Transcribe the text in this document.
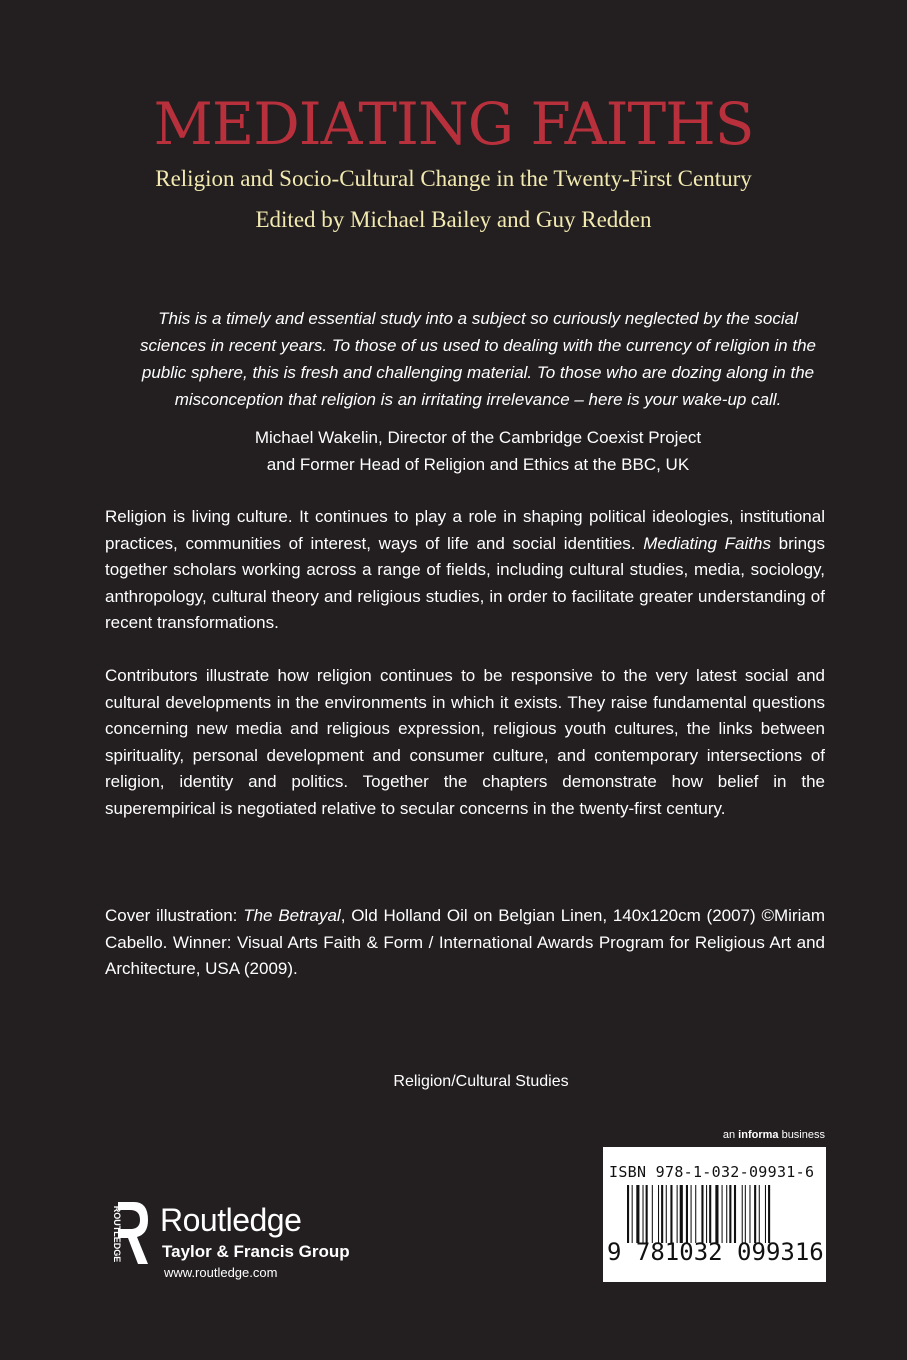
MEDIATING FAITHS
Religion and Socio-Cultural Change in the Twenty-First Century
Edited by Michael Bailey and Guy Redden
This is a timely and essential study into a subject so curiously neglected by the social sciences in recent years. To those of us used to dealing with the currency of religion in the public sphere, this is fresh and challenging material. To those who are dozing along in the misconception that religion is an irritating irrelevance – here is your wake-up call.
Michael Wakelin, Director of the Cambridge Coexist Project
and Former Head of Religion and Ethics at the BBC, UK
Religion is living culture. It continues to play a role in shaping political ideologies, institutional practices, communities of interest, ways of life and social identities. Mediating Faiths brings together scholars working across a range of fields, including cultural studies, media, sociology, anthropology, cultural theory and religious studies, in order to facilitate greater understanding of recent transformations.
Contributors illustrate how religion continues to be responsive to the very latest social and cultural developments in the environments in which it exists. They raise fundamental questions concerning new media and religious expression, religious youth cultures, the links between spirituality, personal development and consumer culture, and contemporary intersections of religion, identity and politics. Together the chapters demonstrate how belief in the superempirical is negotiated relative to secular concerns in the twenty-first century.
Cover illustration: The Betrayal, Old Holland Oil on Belgian Linen, 140x120cm (2007) ©Miriam Cabello. Winner: Visual Arts Faith & Form / International Awards Program for Religious Art and Architecture, USA (2009).
Religion/Cultural Studies
an informa business
ISBN 978-1-032-09931-6
9 781032 099316
ROUTLEDGE Routledge
Taylor & Francis Group
www.routledge.com
